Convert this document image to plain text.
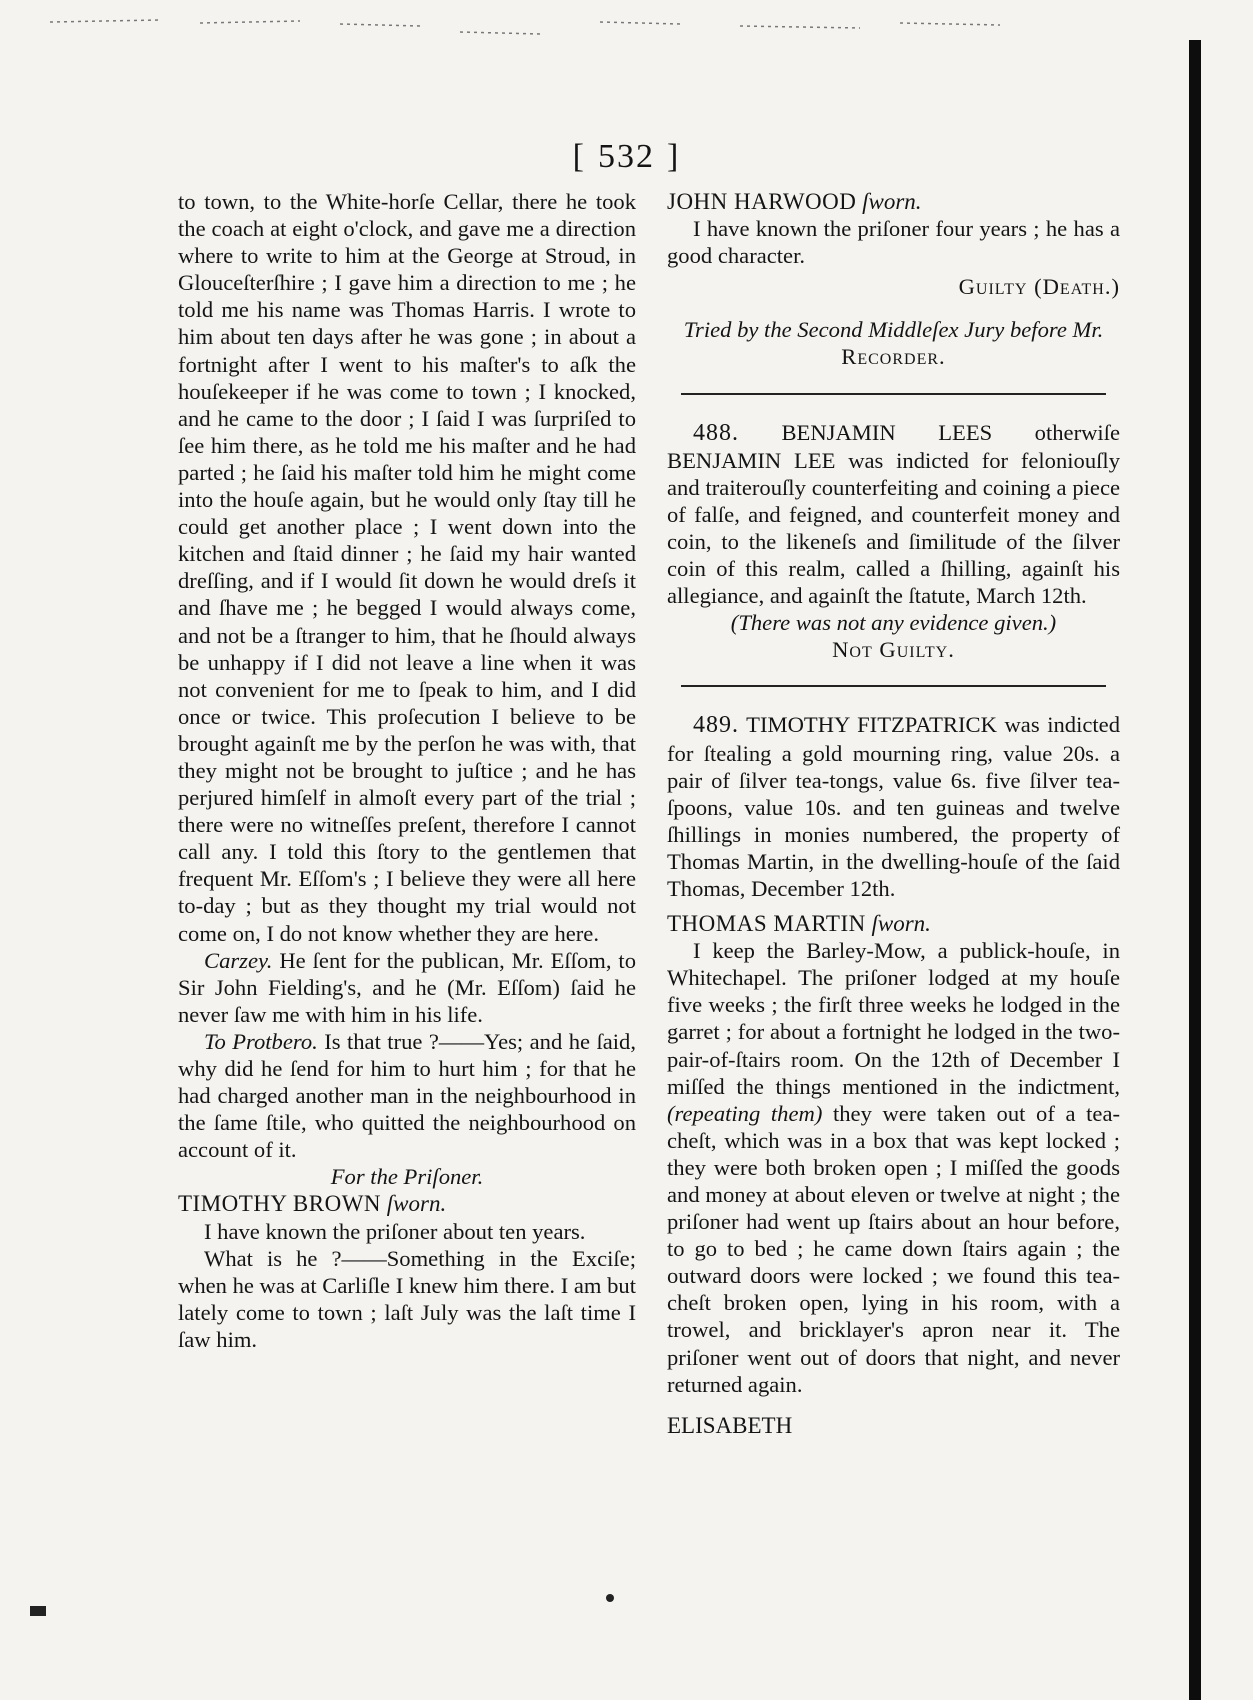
[ 532 ]

to town, to the White-horſe Cellar, there he took the coach at eight o'clock, and gave me a direction where to write to him at the George at Stroud, in Glouceſterſhire ; I gave him a direction to me ; he told me his name was Thomas Harris. I wrote to him about ten days after he was gone ; in about a fortnight after I went to his maſter's to aſk the houſekeeper if he was come to town ; I knocked, and he came to the door ; I ſaid I was ſurpriſed to ſee him there, as he told me his maſter and he had parted ; he ſaid his maſter told him he might come into the houſe again, but he would only ſtay till he could get another place ; I went down into the kitchen and ſtaid dinner ; he ſaid my hair wanted dreſſing, and if I would ſit down he would dreſs it and ſhave me ; he begged I would always come, and not be a ſtranger to him, that he ſhould always be unhappy if I did not leave a line when it was not convenient for me to ſpeak to him, and I did once or twice. This proſecution I believe to be brought againſt me by the perſon he was with, that they might not be brought to juſtice ; and he has perjured himſelf in almoſt every part of the trial ; there were no witneſſes preſent, therefore I cannot call any. I told this ſtory to the gentlemen that frequent Mr. Eſſom's ; I believe they were all here to-day ; but as they thought my trial would not come on, I do not know whether they are here.

Carzey. He ſent for the publican, Mr. Eſſom, to Sir John Fielding's, and he (Mr. Eſſom) ſaid he never ſaw me with him in his life.

To Protbero. Is that true ?——Yes; and he ſaid, why did he ſend for him to hurt him ; for that he had charged another man in the neighbourhood in the ſame ſtile, who quitted the neighbourhood on account of it.

For the Priſoner.

TIMOTHY BROWN ſworn.

I have known the priſoner about ten years.

What is he ?——Something in the Exciſe; when he was at Carliſle I knew him there. I am but lately come to town ; laſt July was the laſt time I ſaw him.

JOHN HARWOOD ſworn.

I have known the priſoner four years ; he has a good character.

Guilty (Death.)

Tried by the Second Middleſex Jury before Mr.

Recorder.

488. BENJAMIN LEES otherwiſe BENJAMIN LEE was indicted for feloniouſly and traiterouſly counterfeiting and coining a piece of falſe, and feigned, and counterfeit money and coin, to the likeneſs and ſimilitude of the ſilver coin of this realm, called a ſhilling, againſt his allegiance, and againſt the ſtatute, March 12th.

(There was not any evidence given.)

Not Guilty.

489. TIMOTHY FITZPATRICK was indicted for ſtealing a gold mourning ring, value 20s. a pair of ſilver tea-tongs, value 6s. five ſilver tea-ſpoons, value 10s. and ten guineas and twelve ſhillings in monies numbered, the property of Thomas Martin, in the dwelling-houſe of the ſaid Thomas, December 12th.

THOMAS MARTIN ſworn.

I keep the Barley-Mow, a publick-houſe, in Whitechapel. The priſoner lodged at my houſe five weeks ; the firſt three weeks he lodged in the garret ; for about a fortnight he lodged in the two-pair-of-ſtairs room. On the 12th of December I miſſed the things mentioned in the indictment, (repeating them) they were taken out of a tea-cheſt, which was in a box that was kept locked ; they were both broken open ; I miſſed the goods and money at about eleven or twelve at night ; the priſoner had went up ſtairs about an hour before, to go to bed ; he came down ſtairs again ; the outward doors were locked ; we found this tea-cheſt broken open, lying in his room, with a trowel, and bricklayer's apron near it. The priſoner went out of doors that night, and never returned again.

ELISABETH
